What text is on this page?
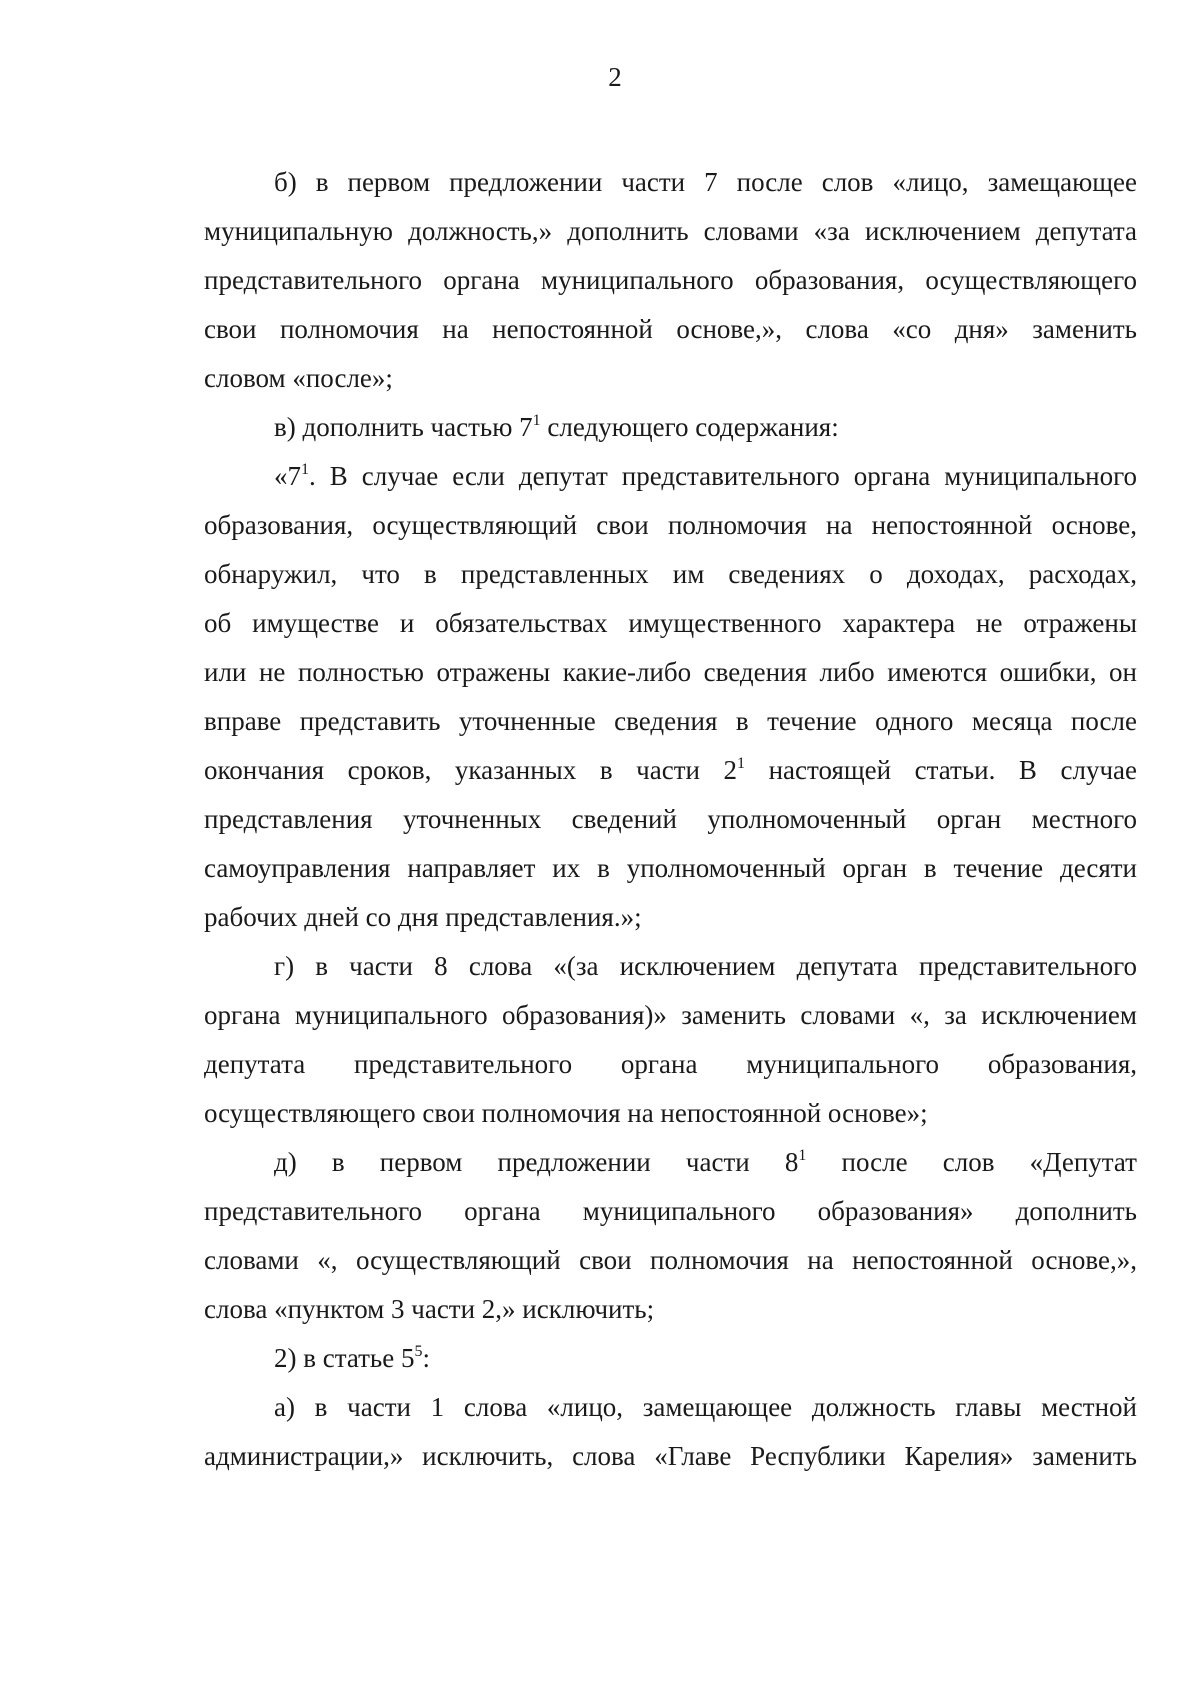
2
б) в первом предложении части 7 после слов «лицо, замещающее
муниципальную должность,» дополнить словами «за исключением депутата
представительного органа муниципального образования, осуществляющего
свои полномочия на непостоянной основе,», слова «со дня» заменить
словом «после»;
в) дополнить частью $7^1$ следующего содержания:
«$7^1$. В случае если депутат представительного органа муниципального
образования, осуществляющий свои полномочия на непостоянной основе,
обнаружил, что в представленных им сведениях о доходах, расходах,
об имуществе и обязательствах имущественного характера не отражены
или не полностью отражены какие-либо сведения либо имеются ошибки, он
вправе представить уточненные сведения в течение одного месяца после
окончания сроков, указанных в части $2^1$ настоящей статьи. В случае
представления уточненных сведений уполномоченный орган местного
самоуправления направляет их в уполномоченный орган в течение десяти
рабочих дней со дня представления.»;
г) в части 8 слова «(за исключением депутата представительного
органа муниципального образования)» заменить словами «, за исключением
депутата представительного органа муниципального образования,
осуществляющего свои полномочия на непостоянной основе»;
д) в первом предложении части $8^1$ после слов «Депутат
представительного органа муниципального образования» дополнить
словами «, осуществляющий свои полномочия на непостоянной основе,»,
слова «пунктом 3 части 2,» исключить;
2) в статье $5^5$:
а) в части 1 слова «лицо, замещающее должность главы местной
администрации,» исключить, слова «Главе Республики Карелия» заменить
